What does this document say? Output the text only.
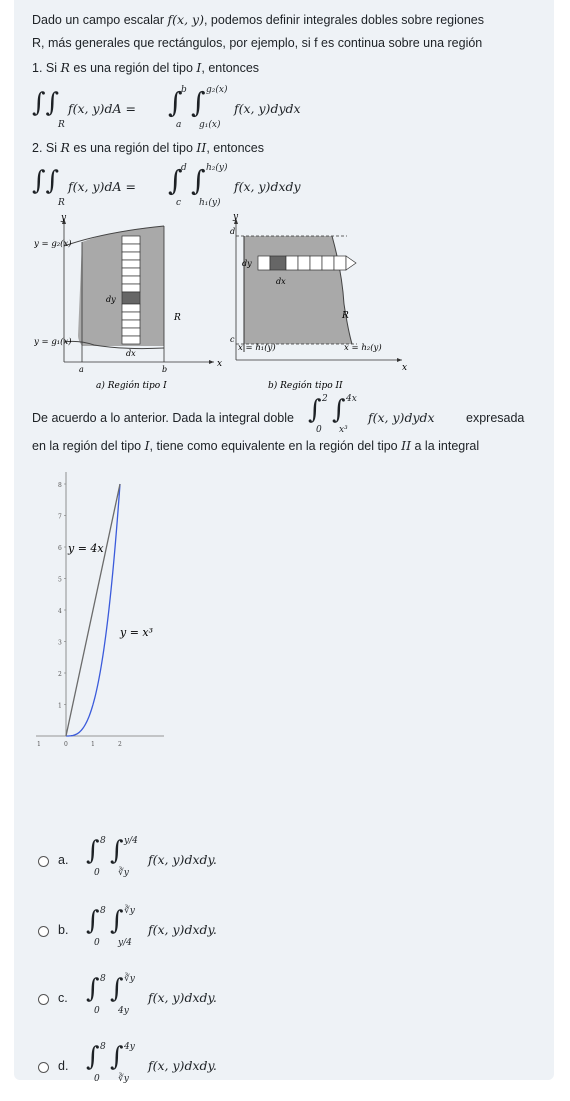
Dado un campo escalar f(x, y), podemos definir integrales dobles sobre regiones
R, más generales que rectángulos, por ejemplo, si f es continua sobre una región
1. Si R es una región del tipo I, entonces
∫∫
R
f(x, y)dA = ∫
b
a
∫ g₂(x)
g₁(x)
f(x, y)dydx
2. Si R es una región del tipo II, entonces
∫∫
R
f(x, y)dA = ∫
d
c
∫ h₂(y)
h₁(y)
f(x, y)dxdy
y
x
y = g₂(x)
y = g₁(x)
R
dy
dx
a	b
a) Región tipo I
y
x
d
c
dy
dx
R
x = h₁(y)	x = h₂(y)
b) Región tipo II
De acuerdo a lo anterior. Dada la integral doble ∫ 2
0
∫ 4x
x³
f(x, y)dydx	expresada
en la región del tipo I, tiene como equivalente en la región del tipo II a la integral
8
7
6
5
4
3
2
1
1	0	1	2
y = 4x
y = x³
a. ∫ 8
0
∫ y/4
∛y
f(x, y)dxdy.
b. ∫ 8
0
∫ ∛y
y/4
f(x, y)dxdy.
c. ∫ 8
0
∫ ∛y
4y
f(x, y)dxdy.
d. ∫ 8
0
∫ 4y
∛y
f(x, y)dxdy.
